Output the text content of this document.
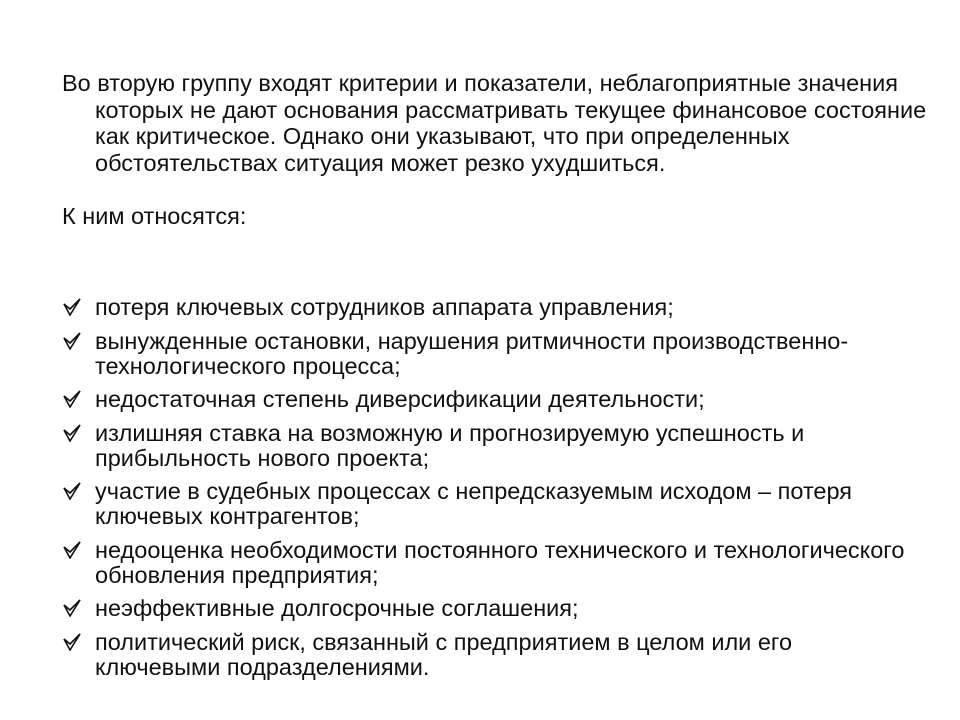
Во вторую группу входят критерии и показатели, неблагоприятные значения которых не дают основания рассматривать текущее финансовое состояние как критическое. Однако они указывают, что при определенных обстоятельствах ситуация может резко ухудшиться.

К ним относятся:

потеря ключевых сотрудников аппарата управления;
вынужденные остановки, нарушения ритмичности производственно-технологического процесса;
недостаточная степень диверсификации деятельности;
излишняя ставка на возможную и прогнозируемую успешность и прибыльность нового проекта;
участие в судебных процессах с непредсказуемым исходом – потеря ключевых контрагентов;
недооценка необходимости постоянного технического и технологического обновления предприятия;
неэффективные долгосрочные соглашения;
политический риск, связанный с предприятием в целом или его ключевыми подразделениями.
